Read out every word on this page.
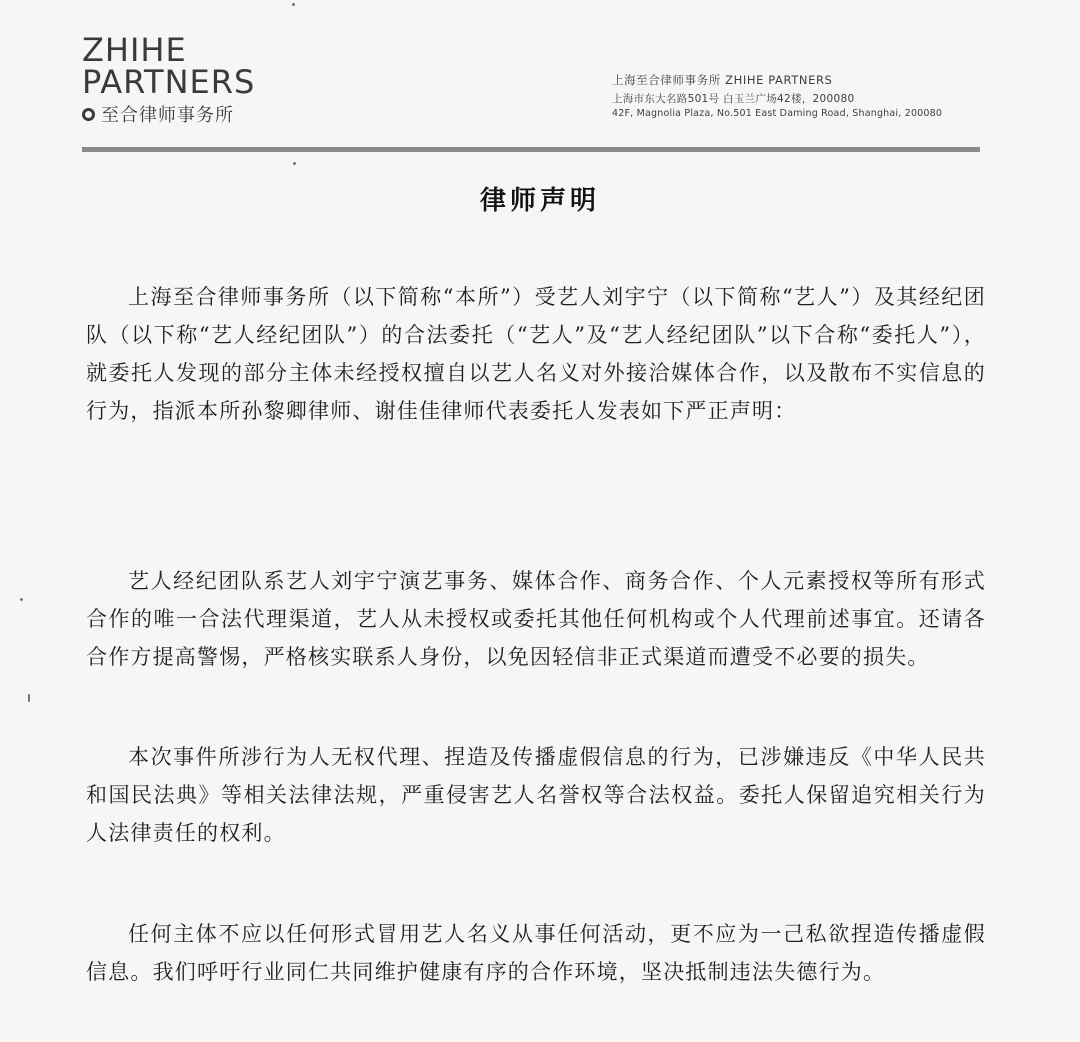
ZHIHE
PARTNERS
至合律师事务所
上海至合律师事务所 ZHIHE PARTNERS
上海市东大名路501号 白玉兰广场42楼，200080
42F, Magnolia Plaza, No.501 East Daming Road, Shanghai, 200080
律师声明

上海至合律师事务所（以下简称“本所”）受艺人刘宇宁（以下简称“艺人”）及其经纪团队（以下称“艺人经纪团队”）的合法委托（“艺人”及“艺人经纪团队”以下合称“委托人”），就委托人发现的部分主体未经授权擅自以艺人名义对外接洽媒体合作，以及散布不实信息的行为，指派本所孙黎卿律师、谢佳佳律师代表委托人发表如下严正声明：

艺人经纪团队系艺人刘宇宁演艺事务、媒体合作、商务合作、个人元素授权等所有形式合作的唯一合法代理渠道，艺人从未授权或委托其他任何机构或个人代理前述事宜。还请各合作方提高警惕，严格核实联系人身份，以免因轻信非正式渠道而遭受不必要的损失。

本次事件所涉行为人无权代理、捏造及传播虚假信息的行为，已涉嫌违反《中华人民共和国民法典》等相关法律法规，严重侵害艺人名誉权等合法权益。委托人保留追究相关行为人法律责任的权利。

任何主体不应以任何形式冒用艺人名义从事任何活动，更不应为一己私欲捏造传播虚假信息。我们呼吁行业同仁共同维护健康有序的合作环境，坚决抵制违法失德行为。
